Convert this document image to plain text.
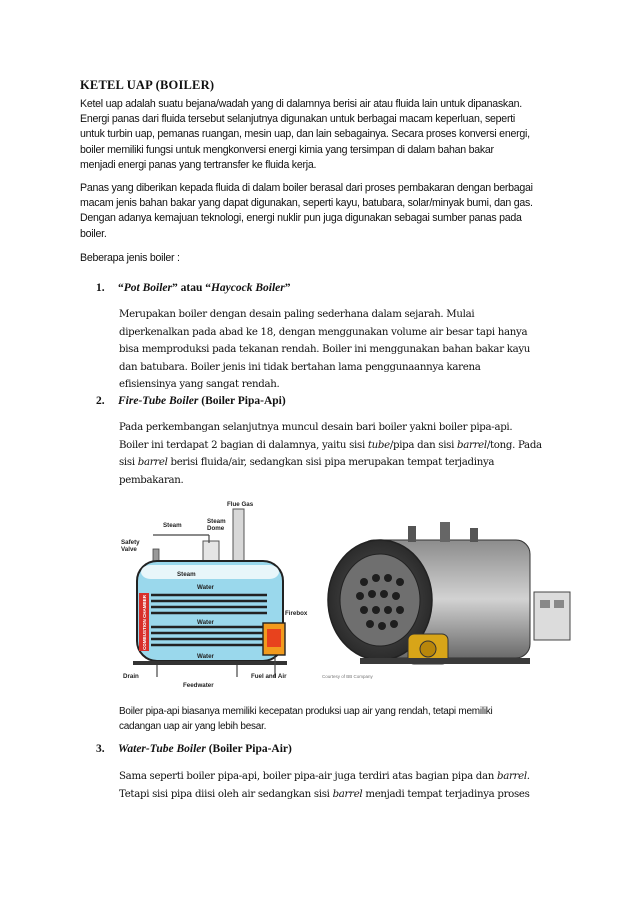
KETEL UAP (BOILER)
Ketel uap adalah suatu bejana/wadah yang di dalamnya berisi air atau fluida lain untuk dipanaskan.
Energi panas dari fluida tersebut selanjutnya digunakan untuk berbagai macam keperluan, seperti
untuk turbin uap, pemanas ruangan, mesin uap, dan lain sebagainya. Secara proses konversi energi,
boiler memiliki fungsi untuk mengkonversi energi kimia yang tersimpan di dalam bahan bakar
menjadi energi panas yang tertransfer ke fluida kerja.
Panas yang diberikan kepada fluida di dalam boiler berasal dari proses pembakaran dengan berbagai
macam jenis bahan bakar yang dapat digunakan, seperti kayu, batubara, solar/minyak bumi, dan gas.
Dengan adanya kemajuan teknologi, energi nuklir pun juga digunakan sebagai sumber panas pada
boiler.
Beberapa jenis boiler :
1. “Pot Boiler” atau “Haycock Boiler”
Merupakan boiler dengan desain paling sederhana dalam sejarah. Mulai
diperkenalkan pada abad ke 18, dengan menggunakan volume air besar tapi hanya
bisa memproduksi pada tekanan rendah. Boiler ini menggunakan bahan bakar kayu
dan batubara. Boiler jenis ini tidak bertahan lama penggunaannya karena
efisiensinya yang sangat rendah.
2. Fire-Tube Boiler (Boiler Pipa-Api)
Pada perkembangan selanjutnya muncul desain bari boiler yakni boiler pipa-api.
Boiler ini terdapat 2 bagian di dalamnya, yaitu sisi tube/pipa dan sisi barrel/tong. Pada
sisi barrel berisi fluida/air, sedangkan sisi pipa merupakan tempat terjadinya
pembakaran.
Flue Gas
Steam
Dome
Steam
Safety
Valve
Steam
Water
COMBUSTION CHAMBER	Water
Water
Firebox
Drain
Feedwater
Fuel and Air	Courtesy of BB Company
Boiler pipa-api biasanya memiliki kecepatan produksi uap air yang rendah, tetapi memiliki
cadangan uap air yang lebih besar.
3. Water-Tube Boiler (Boiler Pipa-Air)
Sama seperti boiler pipa-api, boiler pipa-air juga terdiri atas bagian pipa dan barrel.
Tetapi sisi pipa diisi oleh air sedangkan sisi barrel menjadi tempat terjadinya proses
